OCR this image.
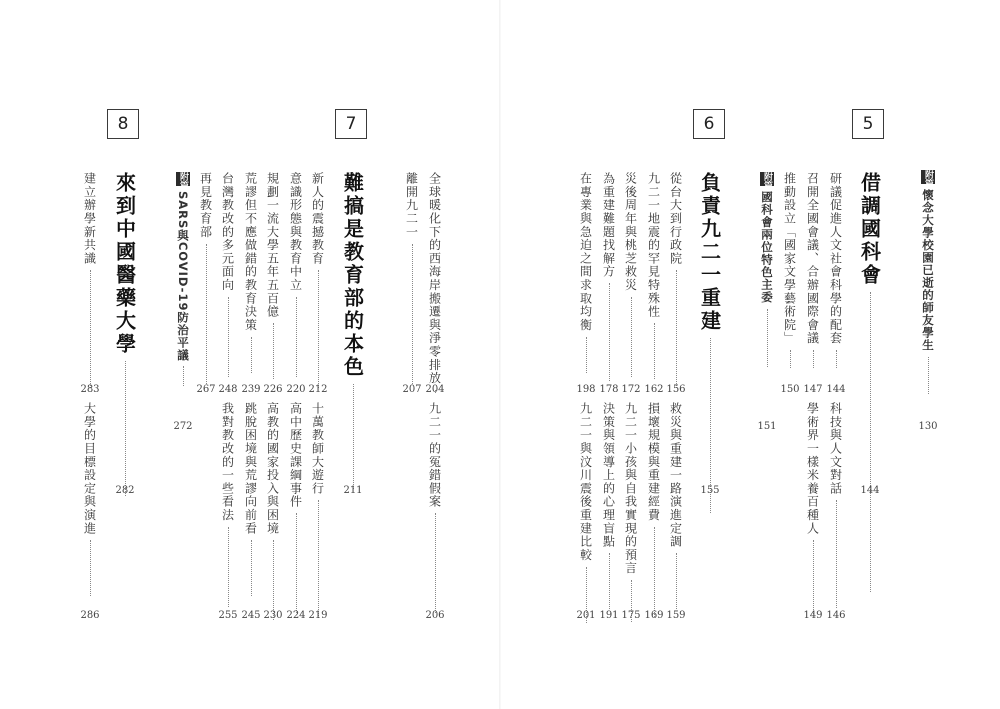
5
6
7
8
附篇
懷念大學校園已逝的師友學生
130
借調國科會
144
研議促進人文社會科學的配套
144
科技與人文對話
146
召開全國會議、合辦國際會議
147
學術界一樣米養百種人
149
推動設立「國家文學藝術院」
150
附篇
國科會兩位特色主委
151
負責九二一重建
155
從台大到行政院
156
救災與重建一路演進定調
159
九二一地震的罕見特殊性
162
損壞規模與重建經費
169
災後周年與桃芝救災
172
九二一小孩與自我實現的預言
175
為重建難題找解方
178
決策與領導上的心理盲點
191
在專業與急迫之間求取均衡
198
九二一與汶川震後重建比較
201
全球暖化下的西海岸搬遷與淨零排放
204
九二一的冤錯假案
206
離開九二一
207
難搞是教育部的本色
211
新人的震撼教育
212
十萬教師大遊行
219
意識形態與教育中立
220
高中歷史課綱事件
224
規劃一流大學五年五百億
226
高教的國家投入與困境
230
荒謬但不應做錯的教育決策
239
跳脫困境與荒謬向前看
245
台灣教改的多元面向
248
我對教改的一些看法
255
再見教育部
267
附篇
SARS與COVID-19防治平議
272
來到中國醫藥大學
282
建立辦學新共識
283
大學的目標設定與演進
286
